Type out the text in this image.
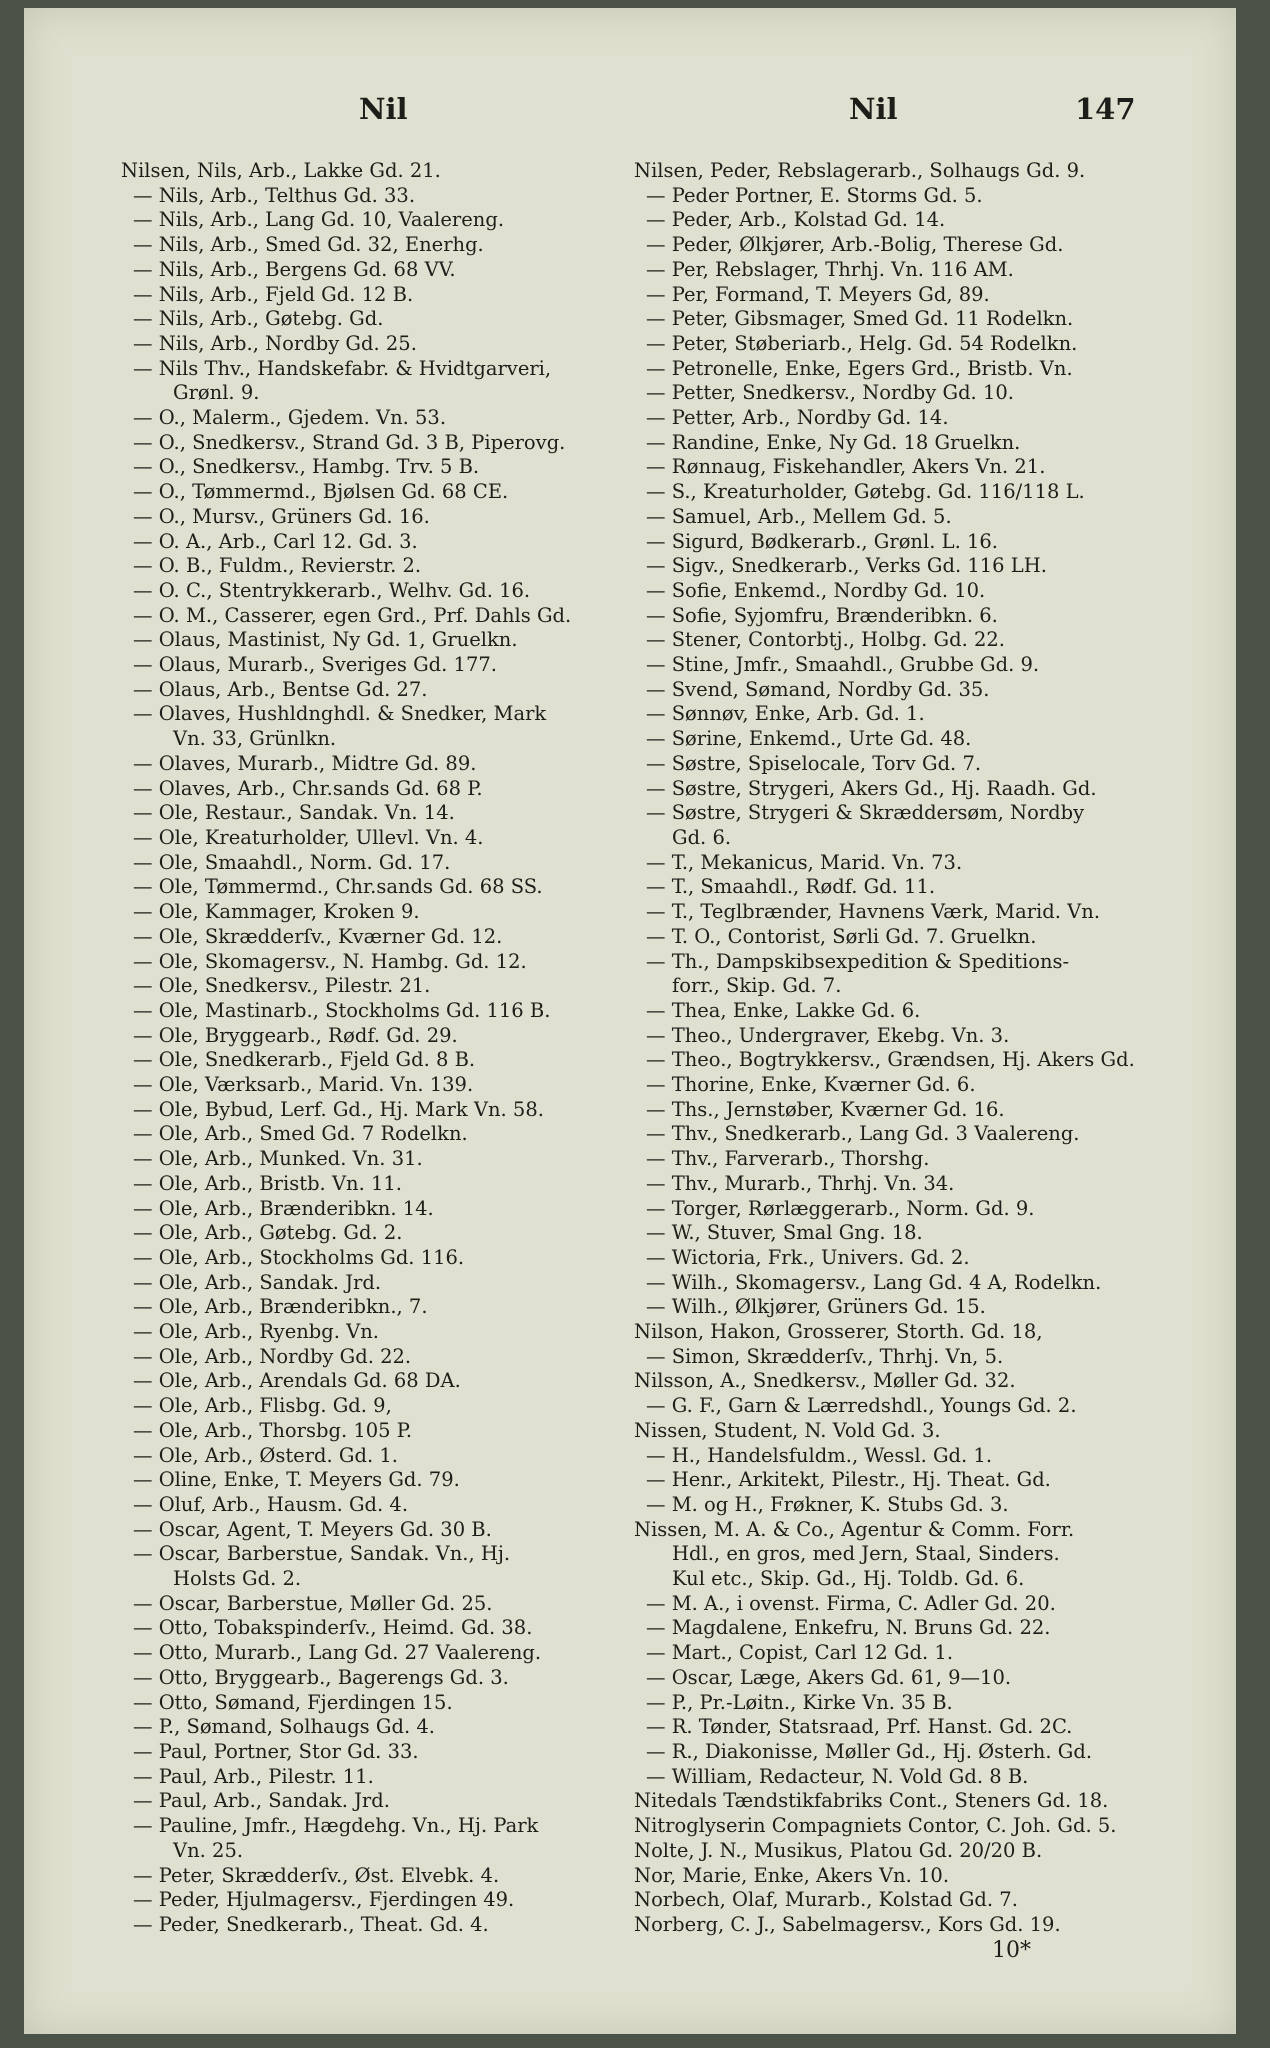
Nil	Nil	147

Nilsen, Nils, Arb., Lakke Gd. 21.

— Nils, Arb., Telthus Gd. 33.

— Nils, Arb., Lang Gd. 10, Vaalereng.

— Nils, Arb., Smed Gd. 32, Enerhg.

— Nils, Arb., Bergens Gd. 68 VV.

— Nils, Arb., Fjeld Gd. 12 B.

— Nils, Arb., Gøtebg. Gd.

— Nils, Arb., Nordby Gd. 25.

— Nils Thv., Handskefabr. & Hvidtgarveri,

Grønl. 9.

— O., Malerm., Gjedem. Vn. 53.

— O., Snedkersv., Strand Gd. 3 B, Piperovg.

— O., Snedkersv., Hambg. Trv. 5 B.

— O., Tømmermd., Bjølsen Gd. 68 CE.

— O., Mursv., Grüners Gd. 16.

— O. A., Arb., Carl 12. Gd. 3.

— O. B., Fuldm., Revierstr. 2.

— O. C., Stentrykkerarb., Welhv. Gd. 16.

— O. M., Casserer, egen Grd., Prf. Dahls Gd.

— Olaus, Mastinist, Ny Gd. 1, Gruelkn.

— Olaus, Murarb., Sveriges Gd. 177.

— Olaus, Arb., Bentse Gd. 27.

— Olaves, Hushldnghdl. & Snedker, Mark

Vn. 33, Grünlkn.

— Olaves, Murarb., Midtre Gd. 89.

— Olaves, Arb., Chr.sands Gd. 68 P.

— Ole, Restaur., Sandak. Vn. 14.

— Ole, Kreaturholder, Ullevl. Vn. 4.

— Ole, Smaahdl., Norm. Gd. 17.

— Ole, Tømmermd., Chr.sands Gd. 68 SS.

— Ole, Kammager, Kroken 9.

— Ole, Skrædderſv., Kværner Gd. 12.

— Ole, Skomagersv., N. Hambg. Gd. 12.

— Ole, Snedkersv., Pilestr. 21.

— Ole, Mastinarb., Stockholms Gd. 116 B.

— Ole, Bryggearb., Rødf. Gd. 29.

— Ole, Snedkerarb., Fjeld Gd. 8 B.

— Ole, Værksarb., Marid. Vn. 139.

— Ole, Bybud, Lerf. Gd., Hj. Mark Vn. 58.

— Ole, Arb., Smed Gd. 7 Rodelkn.

— Ole, Arb., Munked. Vn. 31.

— Ole, Arb., Bristb. Vn. 11.

— Ole, Arb., Brænderibkn. 14.

— Ole, Arb., Gøtebg. Gd. 2.

— Ole, Arb., Stockholms Gd. 116.

— Ole, Arb., Sandak. Jrd.

— Ole, Arb., Brænderibkn., 7.

— Ole, Arb., Ryenbg. Vn.

— Ole, Arb., Nordby Gd. 22.

— Ole, Arb., Arendals Gd. 68 DA.

— Ole, Arb., Flisbg. Gd. 9,

— Ole, Arb., Thorsbg. 105 P.

— Ole, Arb., Østerd. Gd. 1.

— Oline, Enke, T. Meyers Gd. 79.

— Oluf, Arb., Hausm. Gd. 4.

— Oscar, Agent, T. Meyers Gd. 30 B.

— Oscar, Barberstue, Sandak. Vn., Hj.

Holsts Gd. 2.

— Oscar, Barberstue, Møller Gd. 25.

— Otto, Tobakspinderſv., Heimd. Gd. 38.

— Otto, Murarb., Lang Gd. 27 Vaalereng.

— Otto, Bryggearb., Bagerengs Gd. 3.

— Otto, Sømand, Fjerdingen 15.

— P., Sømand, Solhaugs Gd. 4.

— Paul, Portner, Stor Gd. 33.

— Paul, Arb., Pilestr. 11.

— Paul, Arb., Sandak. Jrd.

— Pauline, Jmfr., Hægdehg. Vn., Hj. Park

Vn. 25.

— Peter, Skrædderſv., Øst. Elvebk. 4.

— Peder, Hjulmagersv., Fjerdingen 49.

— Peder, Snedkerarb., Theat. Gd. 4.

Nilsen, Peder, Rebslagerarb., Solhaugs Gd. 9.

— Peder Portner, E. Storms Gd. 5.

— Peder, Arb., Kolstad Gd. 14.

— Peder, Ølkjører, Arb.-Bolig, Therese Gd.

— Per, Rebslager, Thrhj. Vn. 116 AM.

— Per, Formand, T. Meyers Gd, 89.

— Peter, Gibsmager, Smed Gd. 11 Rodelkn.

— Peter, Støberiarb., Helg. Gd. 54 Rodelkn.

— Petronelle, Enke, Egers Grd., Bristb. Vn.

— Petter, Snedkersv., Nordby Gd. 10.

— Petter, Arb., Nordby Gd. 14.

— Randine, Enke, Ny Gd. 18 Gruelkn.

— Rønnaug, Fiskehandler, Akers Vn. 21.

— S., Kreaturholder, Gøtebg. Gd. 116/118 L.

— Samuel, Arb., Mellem Gd. 5.

— Sigurd, Bødkerarb., Grønl. L. 16.

— Sigv., Snedkerarb., Verks Gd. 116 LH.

— Sofie, Enkemd., Nordby Gd. 10.

— Sofie, Syjomfru, Brænderibkn. 6.

— Stener, Contorbtj., Holbg. Gd. 22.

— Stine, Jmfr., Smaahdl., Grubbe Gd. 9.

— Svend, Sømand, Nordby Gd. 35.

— Sønnøv, Enke, Arb. Gd. 1.

— Sørine, Enkemd., Urte Gd. 48.

— Søstre, Spiselocale, Torv Gd. 7.

— Søstre, Strygeri, Akers Gd., Hj. Raadh. Gd.

— Søstre, Strygeri & Skræddersøm, Nordby

Gd. 6.

— T., Mekanicus, Marid. Vn. 73.

— T., Smaahdl., Rødf. Gd. 11.

— T., Teglbrænder, Havnens Værk, Marid. Vn.

— T. O., Contorist, Sørli Gd. 7. Gruelkn.

— Th., Dampskibsexpedition & Speditions-

forr., Skip. Gd. 7.

— Thea, Enke, Lakke Gd. 6.

— Theo., Undergraver, Ekebg. Vn. 3.

— Theo., Bogtrykkersv., Grændsen, Hj. Akers Gd.

— Thorine, Enke, Kværner Gd. 6.

— Ths., Jernstøber, Kværner Gd. 16.

— Thv., Snedkerarb., Lang Gd. 3 Vaalereng.

— Thv., Farverarb., Thorshg.

— Thv., Murarb., Thrhj. Vn. 34.

— Torger, Rørlæggerarb., Norm. Gd. 9.

— W., Stuver, Smal Gng. 18.

— Wictoria, Frk., Univers. Gd. 2.

— Wilh., Skomagersv., Lang Gd. 4 A, Rodelkn.

— Wilh., Ølkjører, Grüners Gd. 15.

Nilson, Hakon, Grosserer, Storth. Gd. 18,

— Simon, Skrædderſv., Thrhj. Vn, 5.

Nilsson, A., Snedkersv., Møller Gd. 32.

— G. F., Garn & Lærredshdl., Youngs Gd. 2.

Nissen, Student, N. Vold Gd. 3.

— H., Handelsfuldm., Wessl. Gd. 1.

— Henr., Arkitekt, Pilestr., Hj. Theat. Gd.

— M. og H., Frøkner, K. Stubs Gd. 3.

Nissen, M. A. & Co., Agentur & Comm. Forr.

Hdl., en gros, med Jern, Staal, Sinders.

Kul etc., Skip. Gd., Hj. Toldb. Gd. 6.

— M. A., i ovenst. Firma, C. Adler Gd. 20.

— Magdalene, Enkefru, N. Bruns Gd. 22.

— Mart., Copist, Carl 12 Gd. 1.

— Oscar, Læge, Akers Gd. 61, 9—10.

— P., Pr.-Løitn., Kirke Vn. 35 B.

— R. Tønder, Statsraad, Prf. Hanst. Gd. 2C.

— R., Diakonisse, Møller Gd., Hj. Østerh. Gd.

— William, Redacteur, N. Vold Gd. 8 B.

Nitedals Tændstikfabriks Cont., Steners Gd. 18.

Nitroglyserin Compagniets Contor, C. Joh. Gd. 5.

Nolte, J. N., Musikus, Platou Gd. 20/20 B.

Nor, Marie, Enke, Akers Vn. 10.

Norbech, Olaf, Murarb., Kolstad Gd. 7.

Norberg, C. J., Sabelmagersv., Kors Gd. 19.

10*
